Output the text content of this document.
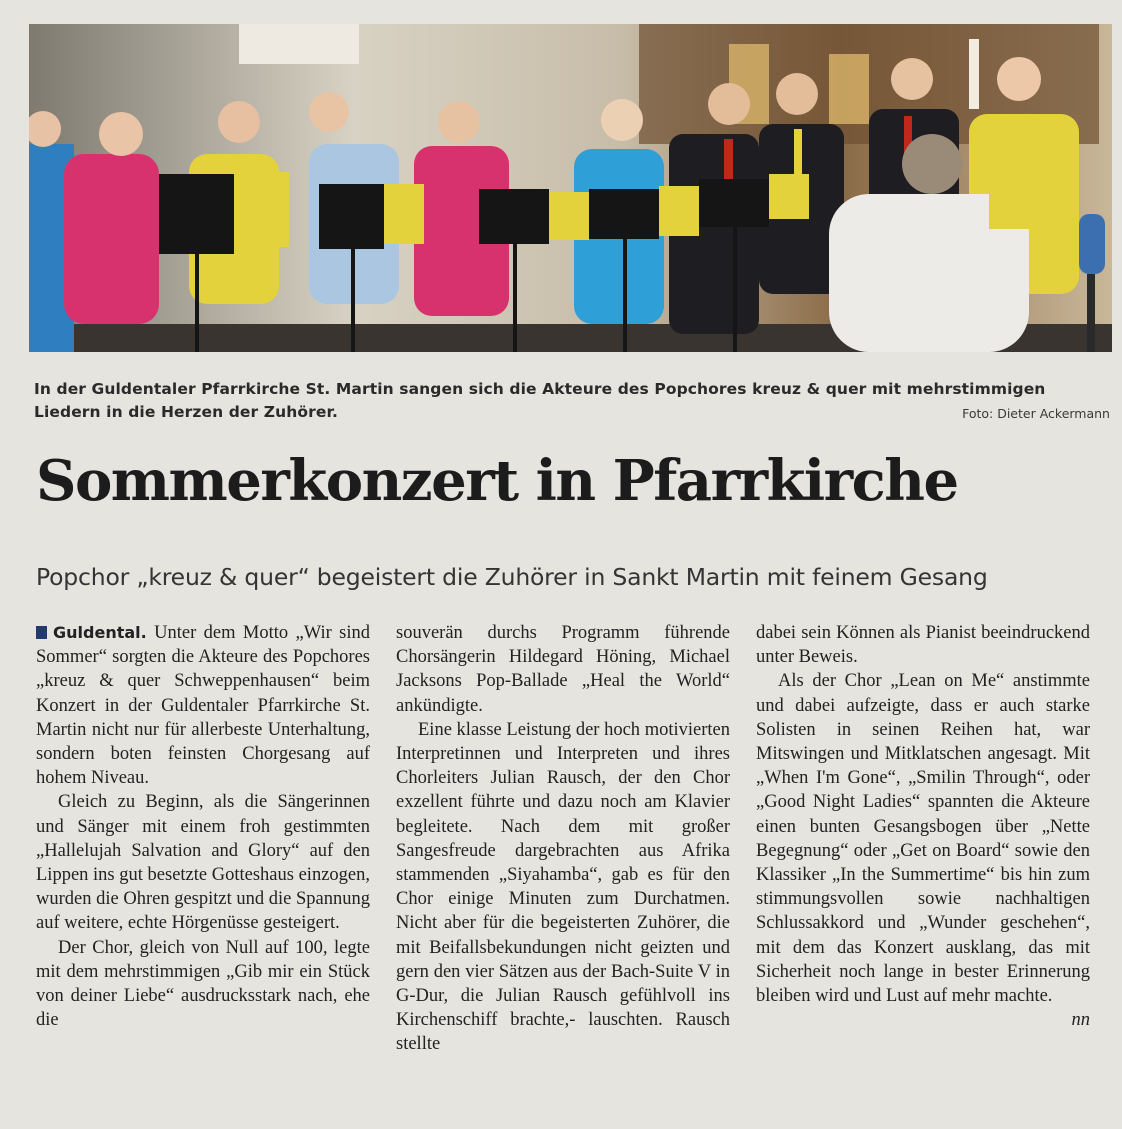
In der Guldentaler Pfarrkirche St. Martin sangen sich die Akteure des Popchores kreuz & quer mit mehrstimmigen Liedern in die Herzen der Zuhörer.	Foto: Dieter Ackermann
Sommerkonzert in Pfarrkirche
Popchor „kreuz & quer“ begeistert die Zuhörer in Sankt Martin mit feinem Gesang

Guldental. Unter dem Motto „Wir sind Sommer“ sorgten die Akteure des Popchores „kreuz & quer Schweppenhausen“ beim Konzert in der Guldentaler Pfarrkirche St. Martin nicht nur für allerbeste Unterhaltung, sondern boten feinsten Chorgesang auf hohem Niveau.

Gleich zu Beginn, als die Sängerinnen und Sänger mit einem froh gestimmten „Hallelujah Salvation and Glory“ auf den Lippen ins gut besetzte Gotteshaus einzogen, wurden die Ohren gespitzt und die Spannung auf weitere, echte Hörgenüsse gesteigert.

Der Chor, gleich von Null auf 100, legte mit dem mehrstimmigen „Gib mir ein Stück von deiner Liebe“ ausdrucksstark nach, ehe die

souverän durchs Programm führende Chorsängerin Hildegard Höning, Michael Jacksons Pop-Ballade „Heal the World“ ankündigte.

Eine klasse Leistung der hoch motivierten Interpretinnen und Interpreten und ihres Chorleiters Julian Rausch, der den Chor exzellent führte und dazu noch am Klavier begleitete. Nach dem mit großer Sangesfreude dargebrachten aus Afrika stammenden „Siyahamba“, gab es für den Chor einige Minuten zum Durchatmen. Nicht aber für die begeisterten Zuhörer, die mit Beifallsbekundungen nicht geizten und gern den vier Sätzen aus der Bach-Suite V in G-Dur, die Julian Rausch gefühlvoll ins Kirchenschiff brachte,- lauschten. Rausch stellte

dabei sein Können als Pianist beeindruckend unter Beweis.

Als der Chor „Lean on Me“ anstimmte und dabei aufzeigte, dass er auch starke Solisten in seinen Reihen hat, war Mitswingen und Mitklatschen angesagt. Mit „When I'm Gone“, „Smilin Through“, oder „Good Night Ladies“ spannten die Akteure einen bunten Gesangsbogen über „Nette Begegnung“ oder „Get on Board“ sowie den Klassiker „In the Summertime“ bis hin zum stimmungsvollen sowie nachhaltigen Schlussakkord und „Wunder geschehen“, mit dem das Konzert ausklang, das mit Sicherheit noch lange in bester Erinnerung bleiben wird und Lust auf mehr machte.

nn
